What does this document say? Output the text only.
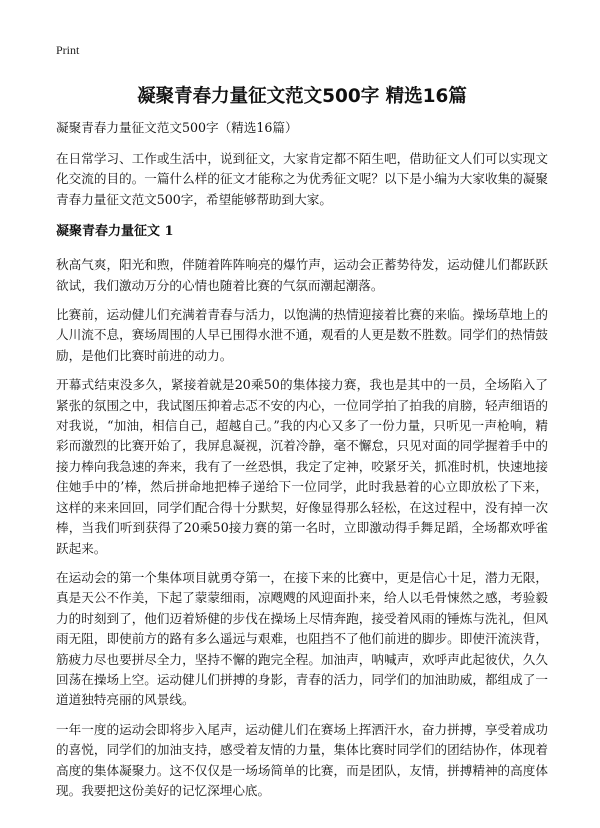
Print
凝聚青春力量征文范文500字 精选16篇
凝聚青春力量征文范文500字（精选16篇）

在日常学习、工作或生活中，说到征文，大家肯定都不陌生吧，借助征文人们可以实现文化交流的目的。一篇什么样的征文才能称之为优秀征文呢？以下是小编为大家收集的凝聚青春力量征文范文500字，希望能够帮助到大家。

凝聚青春力量征文 1

秋高气爽，阳光和煦，伴随着阵阵响亮的爆竹声，运动会正蓄势待发，运动健儿们都跃跃欲试，我们激动万分的心情也随着比赛的气氛而潮起潮落。

比赛前，运动健儿们充满着青春与活力，以饱满的热情迎接着比赛的来临。操场草地上的人川流不息，赛场周围的人早已围得水泄不通，观看的人更是数不胜数。同学们的热情鼓励，是他们比赛时前进的动力。

开幕式结束没多久，紧接着就是20乘50的集体接力赛，我也是其中的一员，全场陷入了紧张的氛围之中，我试图压抑着忐忑不安的内心，一位同学拍了拍我的肩膀，轻声细语的对我说，“加油，相信自己，超越自己。”我的内心又多了一份力量，只听见一声枪响，精彩而激烈的比赛开始了，我屏息凝视，沉着冷静，毫不懈怠，只见对面的同学握着手中的接力棒向我急速的奔来，我有了一丝恐惧，我定了定神，咬紧牙关，抓准时机，快速地接住她手中的’棒，然后拼命地把棒子递给下一位同学，此时我悬着的心立即放松了下来，这样的来来回回，同学们配合得十分默契，好像显得那么轻松，在这过程中，没有掉一次棒，当我们听到获得了20乘50接力赛的第一名时，立即激动得手舞足蹈，全场都欢呼雀跃起来。

在运动会的第一个集体项目就勇夺第一，在接下来的比赛中，更是信心十足，潜力无限，真是天公不作美，下起了蒙蒙细雨，凉飕飕的风迎面扑来，给人以毛骨悚然之感，考验毅力的时刻到了，他们迈着矫健的步伐在操场上尽情奔跑，接受着风雨的锤炼与洗礼，但风雨无阻，即使前方的路有多么遥远与艰难，也阻挡不了他们前进的脚步。即使汗流浃背，筋疲力尽也要拼尽全力，坚持不懈的跑完全程。加油声，呐喊声，欢呼声此起彼伏，久久回荡在操场上空。运动健儿们拼搏的身影，青春的活力，同学们的加油助威，都组成了一道道独特亮丽的风景线。

一年一度的运动会即将步入尾声，运动健儿们在赛场上挥洒汗水，奋力拼搏，享受着成功的喜悦，同学们的加油支持，感受着友情的力量，集体比赛时同学们的团结协作，体现着高度的集体凝聚力。这不仅仅是一场场简单的比赛，而是团队，友情，拼搏精神的高度体现。我要把这份美好的记忆深埋心底。
